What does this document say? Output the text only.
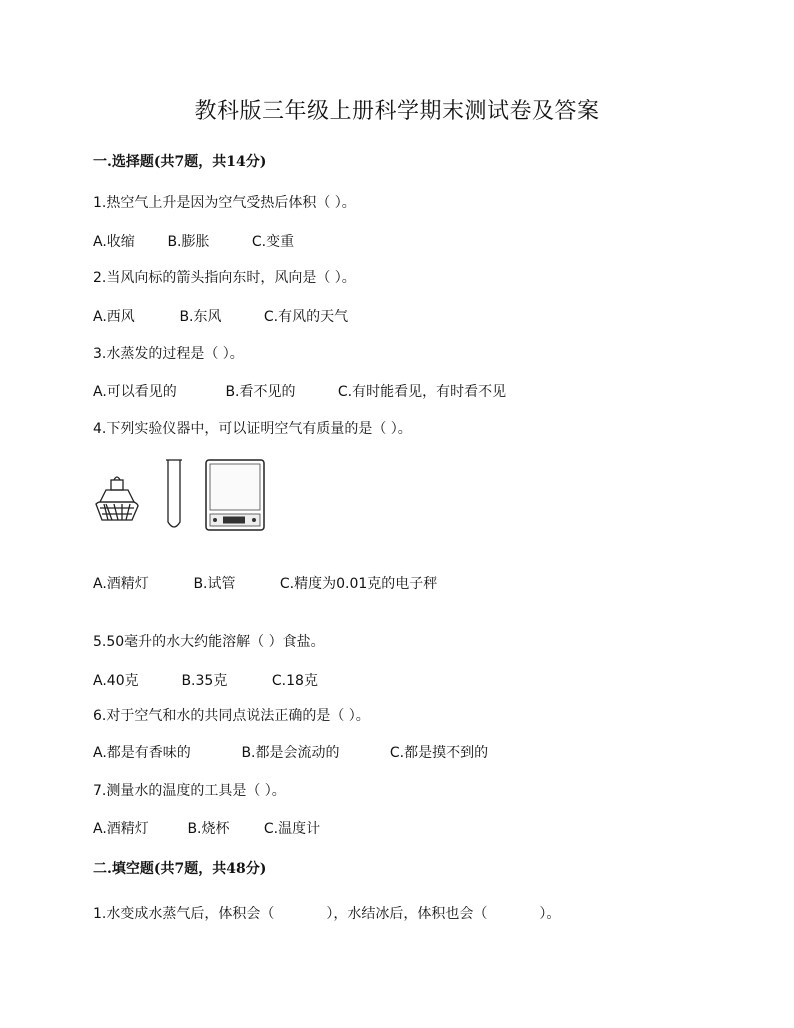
教科版三年级上册科学期末测试卷及答案
一.选择题(共7题，共14分)
1.热空气上升是因为空气受热后体积（ ）。
A.收缩 B.膨胀	C.变重
2.当风向标的箭头指向东时，风向是（ ）。
A.西风	B.东风	C.有风的天气
3.水蒸发的过程是（ ）。
A.可以看见的	B.看不见的	C.有时能看见，有时看不见
4.下列实验仪器中，可以证明空气有质量的是（ ）。
A.酒精灯	B.试管	C.精度为0.01克的电子秤
5.50毫升的水大约能溶解（ ）食盐。
A.40克	B.35克	C.18克
6.对于空气和水的共同点说法正确的是（ ）。
A.都是有香味的	B.都是会流动的	C.都是摸不到的
7.测量水的温度的工具是（ ）。
A.酒精灯	B.烧杯 C.温度计
二.填空题(共7题，共48分)
1.水变成水蒸气后，体积会（	），水结冰后，体积也会（	）。
